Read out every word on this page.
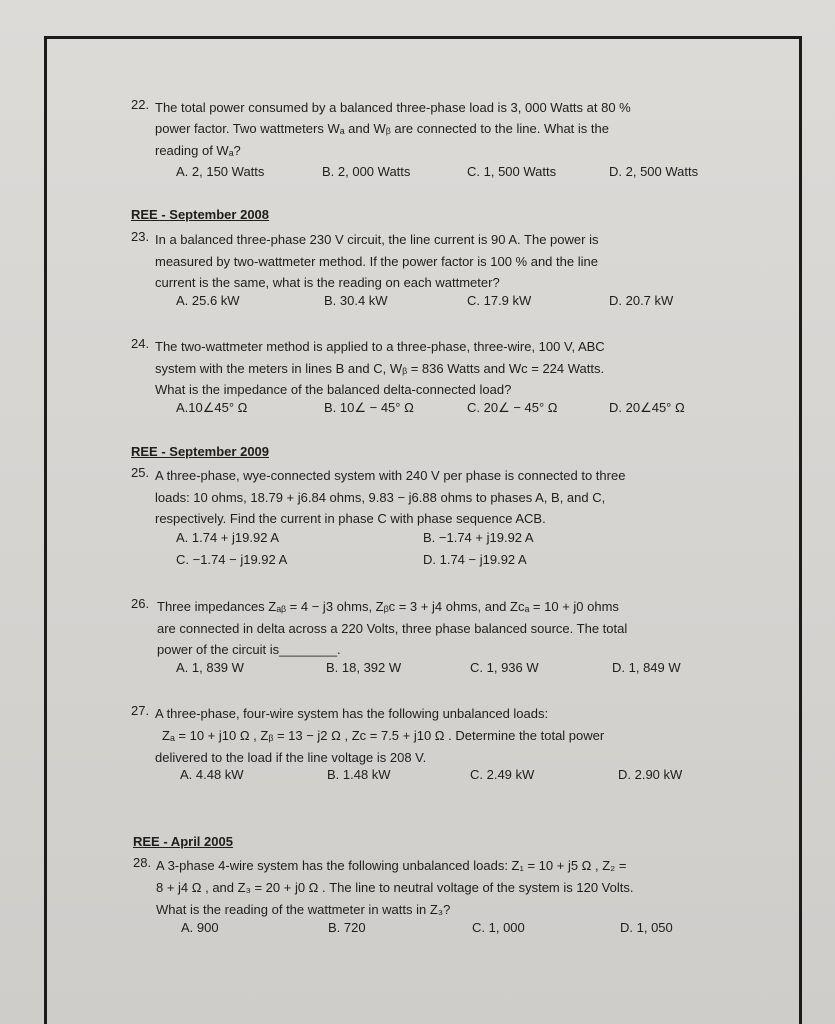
22. The total power consumed by a balanced three-phase load is 3, 000 Watts at 80 %
power factor. Two wattmeters Wₐ and Wᵦ are connected to the line. What is the
reading of Wₐ?
A. 2, 150 Watts	B. 2, 000 Watts	C. 1, 500 Watts	D. 2, 500 Watts
REE - September 2008
23. In a balanced three-phase 230 V circuit, the line current is 90 A. The power is
measured by two-wattmeter method. If the power factor is 100 % and the line
current is the same, what is the reading on each wattmeter?
A. 25.6 kW	B. 30.4 kW	C. 17.9 kW	D. 20.7 kW
24. The two-wattmeter method is applied to a three-phase, three-wire, 100 V, ABC
system with the meters in lines B and C, Wᵦ = 836 Watts and Wᴄ = 224 Watts.
What is the impedance of the balanced delta-connected load?
A.10∠45° Ω	B. 10∠ − 45° Ω	C. 20∠ − 45° Ω	D. 20∠45° Ω
REE - September 2009
25. A three-phase, wye-connected system with 240 V per phase is connected to three
loads: 10 ohms, 18.79 + j6.84 ohms, 9.83 − j6.88 ohms to phases A, B, and C,
respectively. Find the current in phase C with phase sequence ACB.
A. 1.74 + j19.92 A	B. −1.74 + j19.92 A
C. −1.74 − j19.92 A	D. 1.74 − j19.92 A
26. Three impedances Zₐᵦ = 4 − j3 ohms, Zᵦᴄ = 3 + j4 ohms, and Zᴄₐ = 10 + j0 ohms
are connected in delta across a 220 Volts, three phase balanced source. The total
power of the circuit is________.
A. 1, 839 W	B. 18, 392 W	C. 1, 936 W	D. 1, 849 W
27. A three-phase, four-wire system has the following unbalanced loads:
Zₐ = 10 + j10 Ω , Zᵦ = 13 − j2 Ω , Zᴄ = 7.5 + j10 Ω . Determine the total power
delivered to the load if the line voltage is 208 V.
A. 4.48 kW	B. 1.48 kW	C. 2.49 kW	D. 2.90 kW
REE - April 2005
28. A 3-phase 4-wire system has the following unbalanced loads: Z₁ = 10 + j5 Ω , Z₂ =
8 + j4 Ω , and Z₃ = 20 + j0 Ω . The line to neutral voltage of the system is 120 Volts.
What is the reading of the wattmeter in watts in Z₃?
A. 900	B. 720	C. 1, 000	D. 1, 050
